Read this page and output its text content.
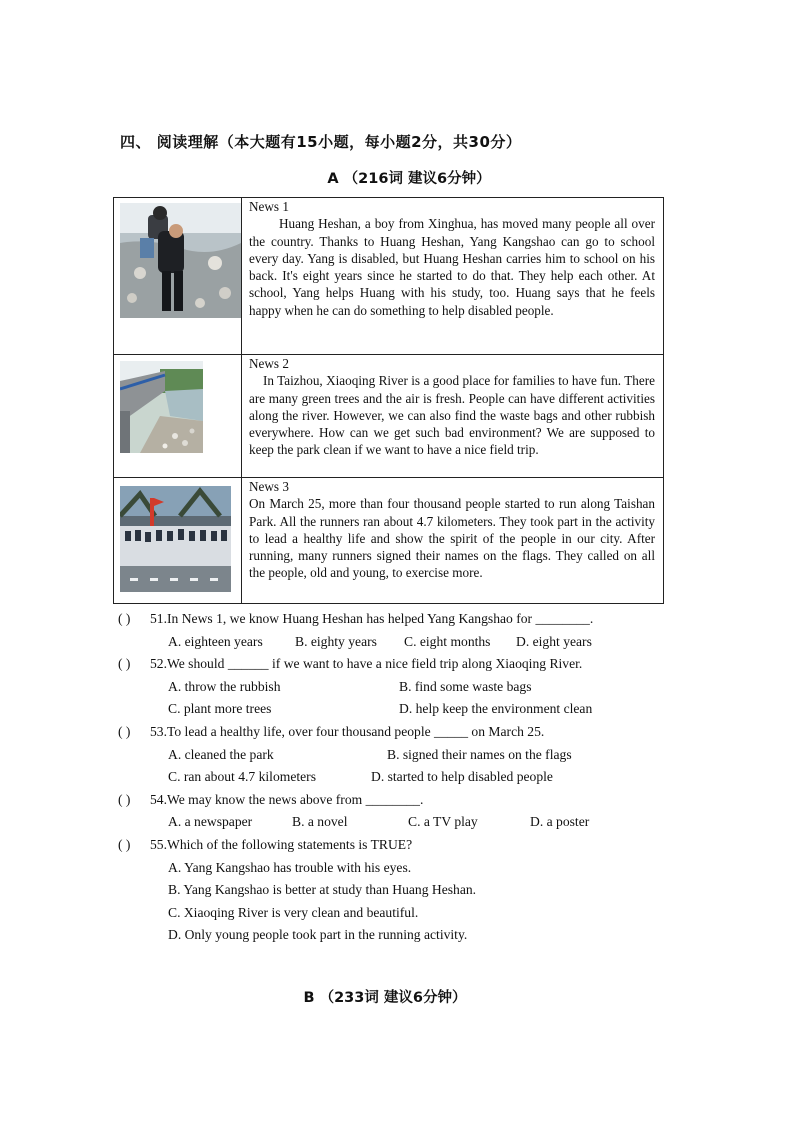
四、 阅读理解（本大题有15小题，每小题2分，共30分）
A （216词 建议6分钟）

News 1
Huang Heshan, a boy from Xinghua, has moved many people all over the country. Thanks to Huang Heshan, Yang Kangshao can go to school every day. Yang is disabled, but Huang Heshan carries him to school on his back. It's eight years since he started to do that. They help each other. At school, Yang helps Huang with his study, too. Huang says that he feels happy when he can do something to help disabled people.

News 2
In Taizhou, Xiaoqing River is a good place for families to have fun. There are many green trees and the air is fresh. People can have different activities along the river. However, we can also find the waste bags and other rubbish everywhere. How can we get such bad environment? We are supposed to keep the park clean if we want to have a nice field trip.

News 3
On March 25, more than four thousand people started to run along Taishan Park. All the runners ran about 4.7 kilometers. They took part in the activity to lead a healthy life and show the spirit of the people in our city. After running, many runners signed their names on the flags. They called on all the people, old and young, to exercise more.
( ) 51.In News 1, we know Huang Heshan has helped Yang Kangshao for ________.
A. eighteen years B. eighty years C. eight months D. eight years
( ) 52.We should ______ if we want to have a nice field trip along Xiaoqing River.
A. throw the rubbish	B. find some waste bags
C. plant more trees	D. help keep the environment clean
( ) 53.To lead a healthy life, over four thousand people _____ on March 25.
A. cleaned the park	B. signed their names on the flags
C. ran about 4.7 kilometers	D. started to help disabled people
( ) 54.We may know the news above from ________.
A. a newspaper	B. a novel	C. a TV play	D. a poster
( ) 55.Which of the following statements is TRUE?
A. Yang Kangshao has trouble with his eyes.
B. Yang Kangshao is better at study than Huang Heshan.
C. Xiaoqing River is very clean and beautiful.
D. Only young people took part in the running activity.
B （233词 建议6分钟）
